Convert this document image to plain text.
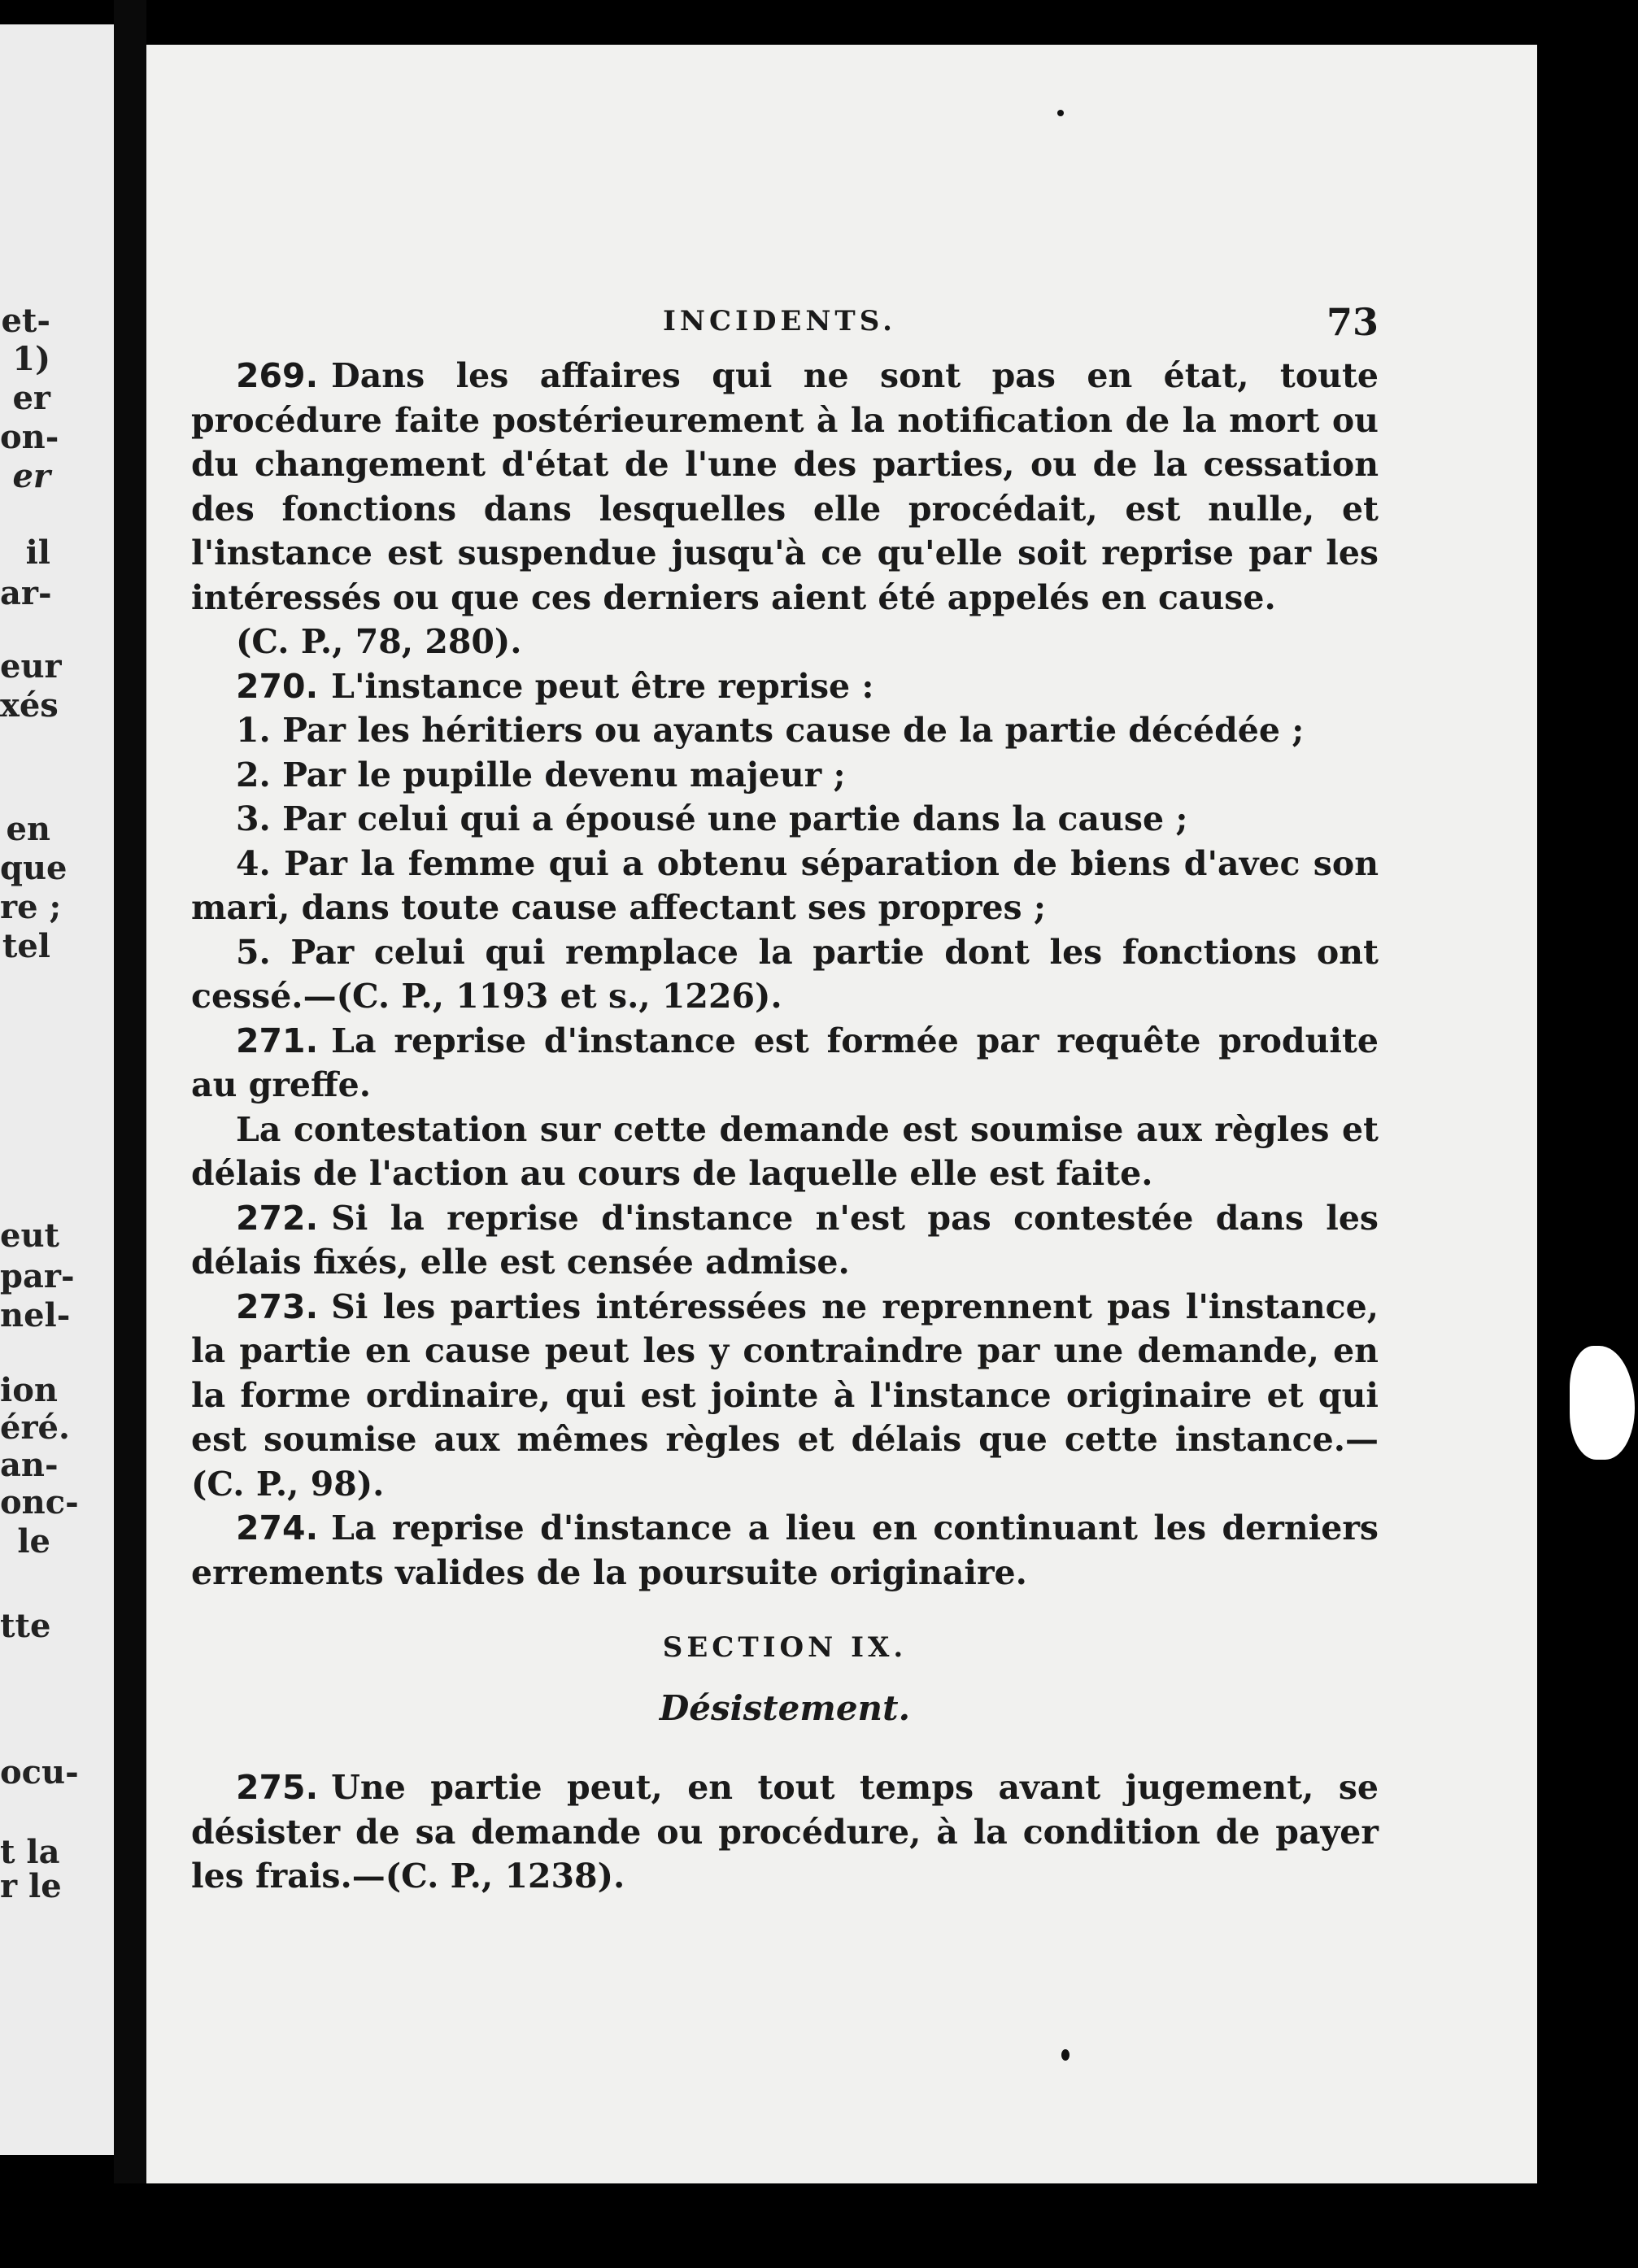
et-
1)
er
on-
er
il
ar-
eur
xés
en
que
re ;
tel
eut
par-
nel-
ion
éré.
an-
onc-
le
tte
ocu-
t la
r le
INCIDENTS.	73

269. Dans les affaires qui ne sont pas en état, toute procédure faite postérieurement à la notification de la mort ou du changement d'état de l'une des parties, ou de la cessation des fonctions dans lesquelles elle procédait, est nulle, et l'instance est suspendue jusqu'à ce qu'elle soit reprise par les intéressés ou que ces derniers aient été appelés en cause.

(C. P., 78, 280).

270. L'instance peut être reprise :

1. Par les héritiers ou ayants cause de la partie décédée ;

2. Par le pupille devenu majeur ;

3. Par celui qui a épousé une partie dans la cause ;

4. Par la femme qui a obtenu séparation de biens d'avec son mari, dans toute cause affectant ses propres ;

5. Par celui qui remplace la partie dont les fonctions ont cessé.—(C. P., 1193 et s., 1226).

271. La reprise d'instance est formée par requête produite au greffe.

La contestation sur cette demande est soumise aux règles et délais de l'action au cours de laquelle elle est faite.

272. Si la reprise d'instance n'est pas contestée dans les délais fixés, elle est censée admise.

273. Si les parties intéressées ne reprennent pas l'instance, la partie en cause peut les y contraindre par une demande, en la forme ordinaire, qui est jointe à l'instance originaire et qui est soumise aux mêmes règles et délais que cette instance.—(C. P., 98).

274. La reprise d'instance a lieu en continuant les derniers errements valides de la poursuite originaire.

SECTION IX.
Désistement.

275. Une partie peut, en tout temps avant jugement, se désister de sa demande ou procédure, à la condition de payer les frais.—(C. P., 1238).
